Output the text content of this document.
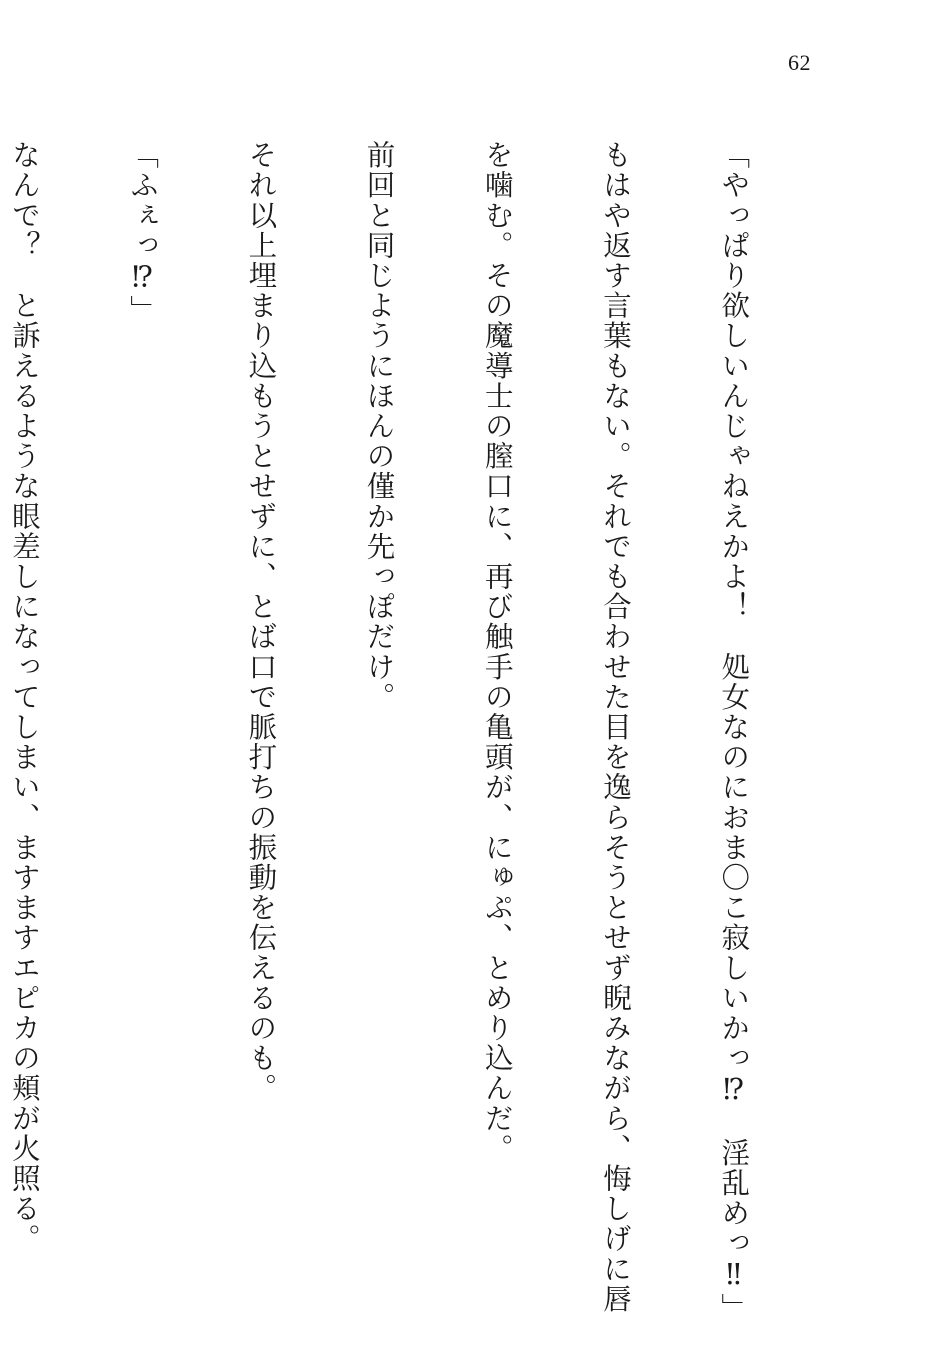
62

「やっぱり欲しいんじゃねえかよ！　処女なのにおま〇こ寂しいかっ⁉　淫乱めっ‼」

もはや返す言葉もない。それでも合わせた目を逸らそうとせず睨みながら、悔しげに唇

を噛む。その魔導士の膣口に、再び触手の亀頭が、にゅぷ、とめり込んだ。

前回と同じようにほんの僅か先っぽだけ。

それ以上埋まり込もうとせずに、とば口で脈打ちの振動を伝えるのも。

「ふぇっ⁉」

なんで？　と訴えるような眼差しになってしまい、ますますエピカの頬が火照る。
